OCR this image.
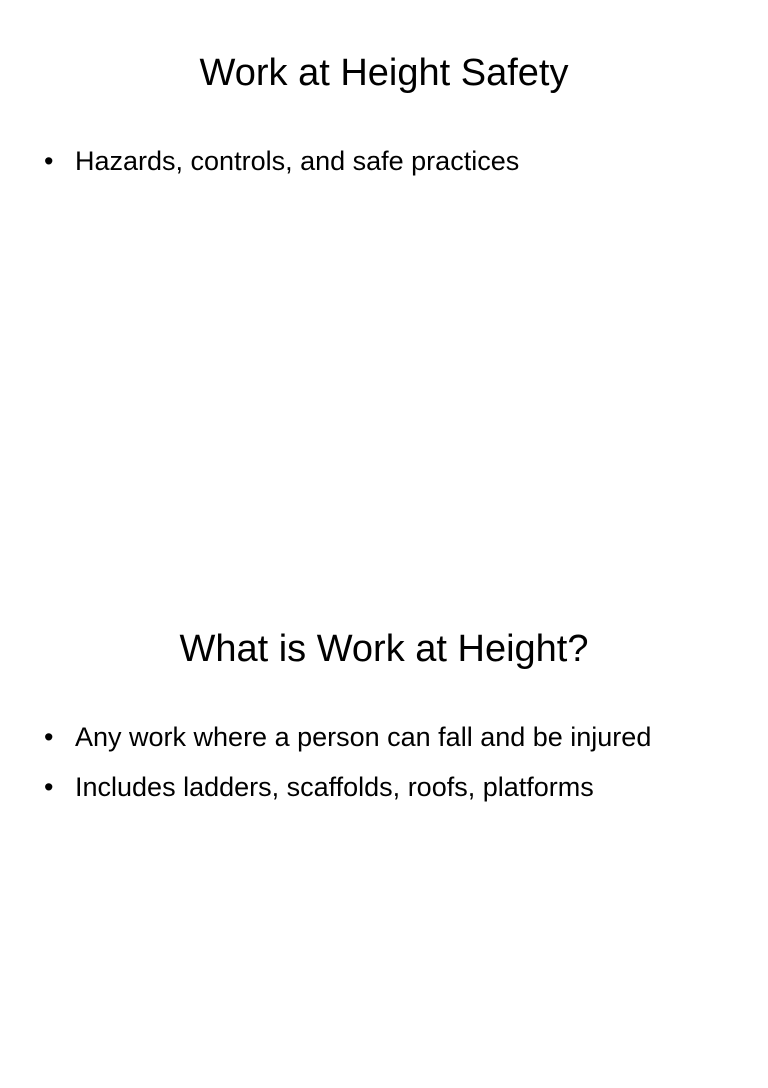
Work at Height Safety
• Hazards, controls, and safe practices
What is Work at Height?
• Any work where a person can fall and be injured
• Includes ladders, scaffolds, roofs, platforms
